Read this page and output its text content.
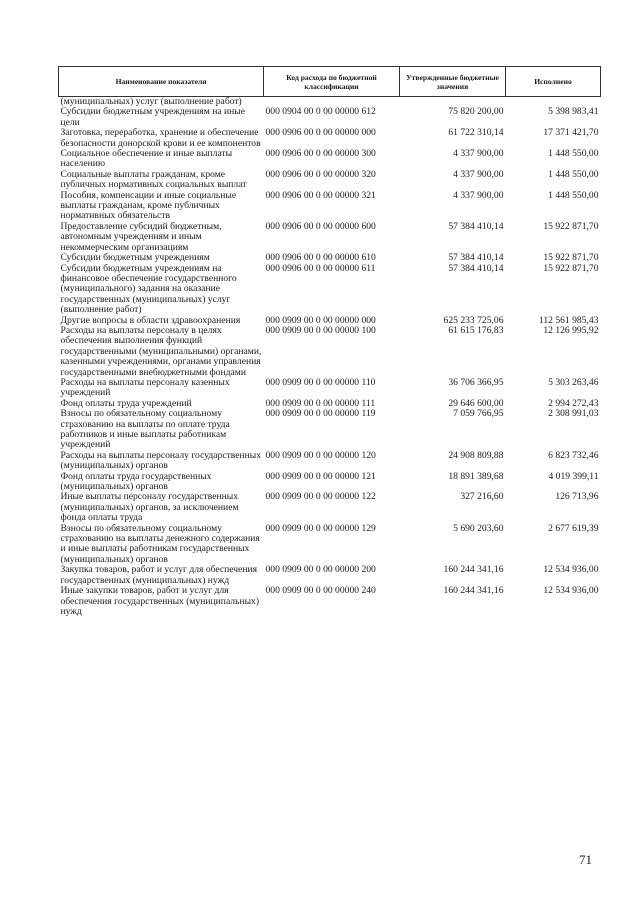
Наименование показателя	Код расхода по бюджетной классификации	Утвержденные бюджетные значения	Исполнено
(муниципальных) услуг (выполнение работ)			
Субсидии бюджетным учреждениям на иные цели	000 0904 00 0 00 00000 612	75 820 200,00	5 398 983,41
Заготовка, переработка, хранение и обеспечение безопасности донорской крови и ее компонентов	000 0906 00 0 00 00000 000	61 722 310,14	17 371 421,70
Социальное обеспечение и иные выплаты населению	000 0906 00 0 00 00000 300	4 337 900,00	1 448 550,00
Социальные выплаты гражданам, кроме публичных нормативных социальных выплат	000 0906 00 0 00 00000 320	4 337 900,00	1 448 550,00
Пособия, компенсации и иные социальные выплаты гражданам, кроме публичных нормативных обязательств	000 0906 00 0 00 00000 321	4 337 900,00	1 448 550,00
Предоставление субсидий бюджетным, автономным учреждениям и иным некоммерческим организациям	000 0906 00 0 00 00000 600	57 384 410,14	15 922 871,70
Субсидии бюджетным учреждениям	000 0906 00 0 00 00000 610	57 384 410,14	15 922 871,70
Субсидии бюджетным учреждениям на финансовое обеспечение государственного (муниципального) задания на оказание государственных (муниципальных) услуг (выполнение работ)	000 0906 00 0 00 00000 611	57 384 410,14	15 922 871,70
Другие вопросы в области здравоохранения	000 0909 00 0 00 00000 000	625 233 725,06	112 561 985,43
Расходы на выплаты персоналу в целях обеспечения выполнения функций государственными (муниципальными) органами, казенными учреждениями, органами управления государственными внебюджетными фондами	000 0909 00 0 00 00000 100	61 615 176,83	12 126 995,92
Расходы на выплаты персоналу казенных учреждений	000 0909 00 0 00 00000 110	36 706 366,95	5 303 263,46
Фонд оплаты труда учреждений	000 0909 00 0 00 00000 111	29 646 600,00	2 994 272,43
Взносы по обязательному социальному страхованию на выплаты по оплате труда работников и иные выплаты работникам учреждений	000 0909 00 0 00 00000 119	7 059 766,95	2 308 991,03
Расходы на выплаты персоналу государственных (муниципальных) органов	000 0909 00 0 00 00000 120	24 908 809,88	6 823 732,46
Фонд оплаты труда государственных (муниципальных) органов	000 0909 00 0 00 00000 121	18 891 389,68	4 019 399,11
Иные выплаты персоналу государственных (муниципальных) органов, за исключением фонда оплаты труда	000 0909 00 0 00 00000 122	327 216,60	126 713,96
Взносы по обязательному социальному страхованию на выплаты денежного содержания и иные выплаты работникам государственных (муниципальных) органов	000 0909 00 0 00 00000 129	5 690 203,60	2 677 619,39
Закупка товаров, работ и услуг для обеспечения государственных (муниципальных) нужд	000 0909 00 0 00 00000 200	160 244 341,16	12 534 936,00
Иные закупки товаров, работ и услуг для обеспечения государственных (муниципальных) нужд	000 0909 00 0 00 00000 240	160 244 341,16	12 534 936,00
71
